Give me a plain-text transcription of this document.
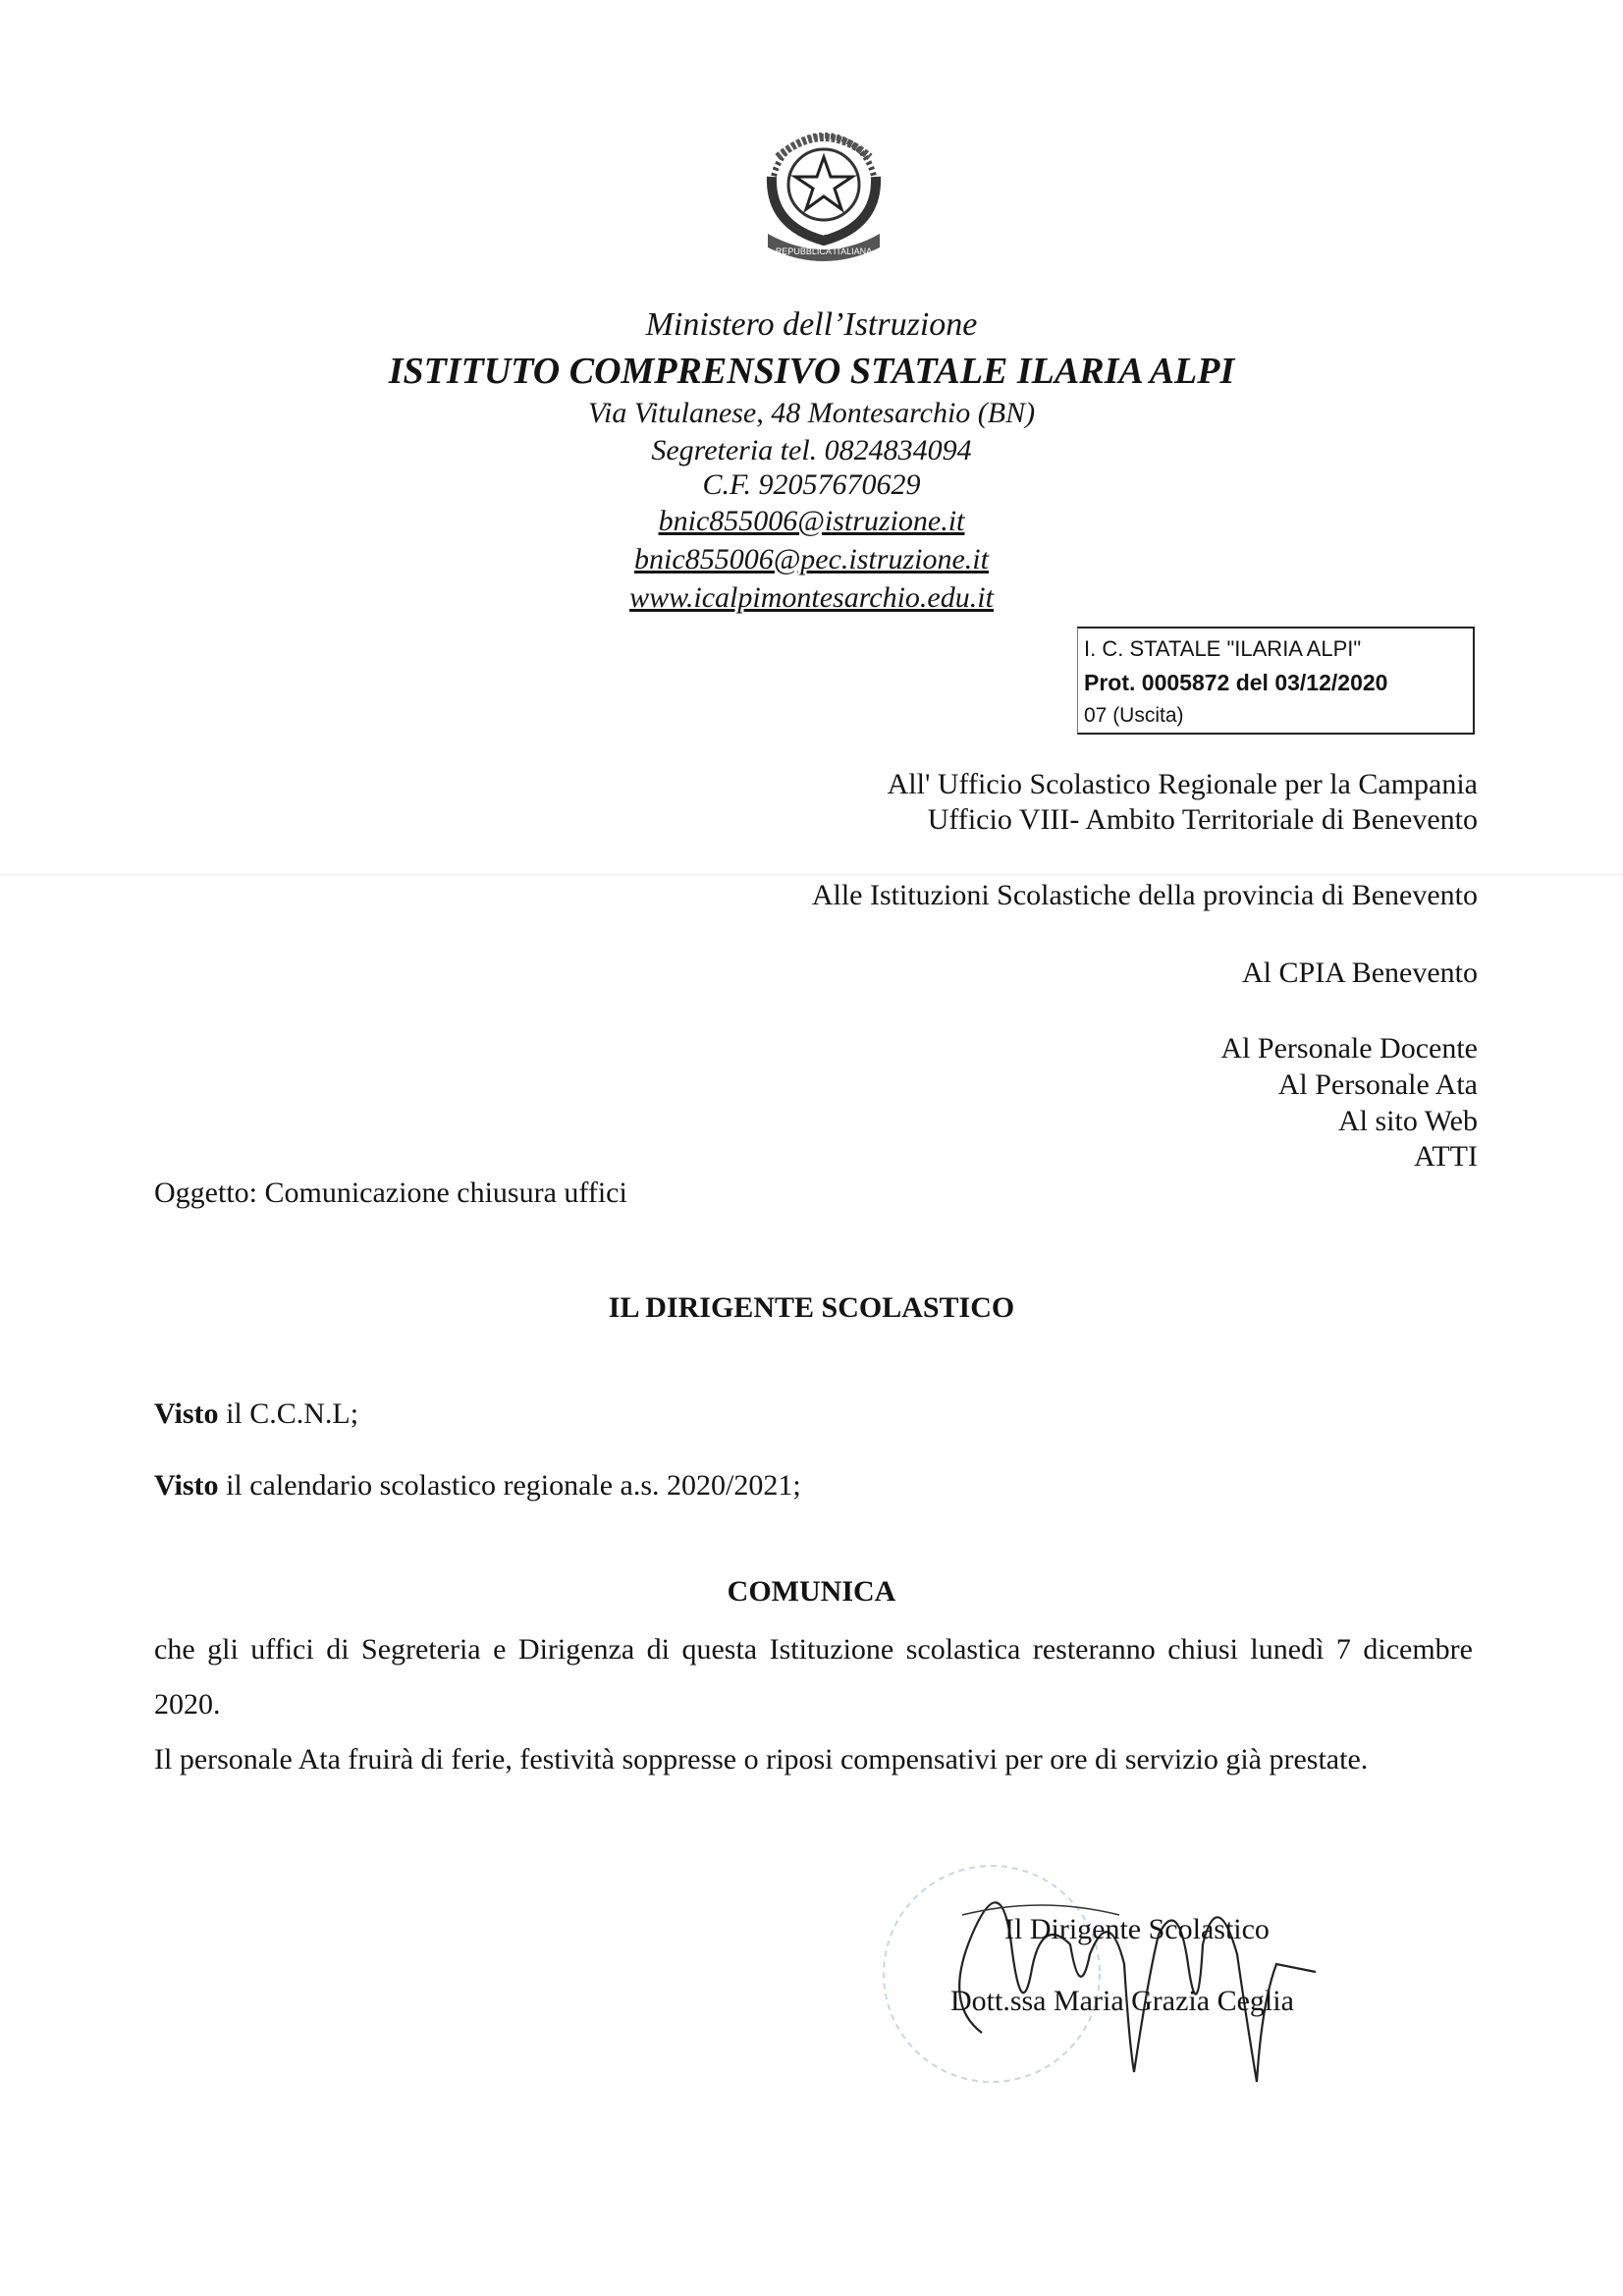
REPUBBLICA ITALIANA
Ministero dell’Istruzione
ISTITUTO COMPRENSIVO STATALE ILARIA ALPI
Via Vitulanese, 48 Montesarchio (BN)
Segreteria tel. 0824834094
C.F. 92057670629
bnic855006@istruzione.it
bnic855006@pec.istruzione.it
www.icalpimontesarchio.edu.it
I. C. STATALE "ILARIA ALPI"
Prot. 0005872 del 03/12/2020
07 (Uscita)
All' Ufficio Scolastico Regionale per la Campania
Ufficio VIII- Ambito Territoriale di Benevento
Alle Istituzioni Scolastiche della provincia di Benevento
Al CPIA Benevento
Al Personale Docente
Al Personale Ata
Al sito Web
ATTI
Oggetto: Comunicazione chiusura uffici
IL DIRIGENTE SCOLASTICO
Visto il C.C.N.L;
Visto il calendario scolastico regionale a.s. 2020/2021;
COMUNICA
che gli uffici di Segreteria e Dirigenza di questa Istituzione scolastica resteranno chiusi lunedì 7 dicembre 2020.
Il personale Ata fruirà di ferie, festività soppresse o riposi compensativi per ore di servizio già prestate.
Il Dirigente Scolastico
Dott.ssa Maria Grazia Ceglia
